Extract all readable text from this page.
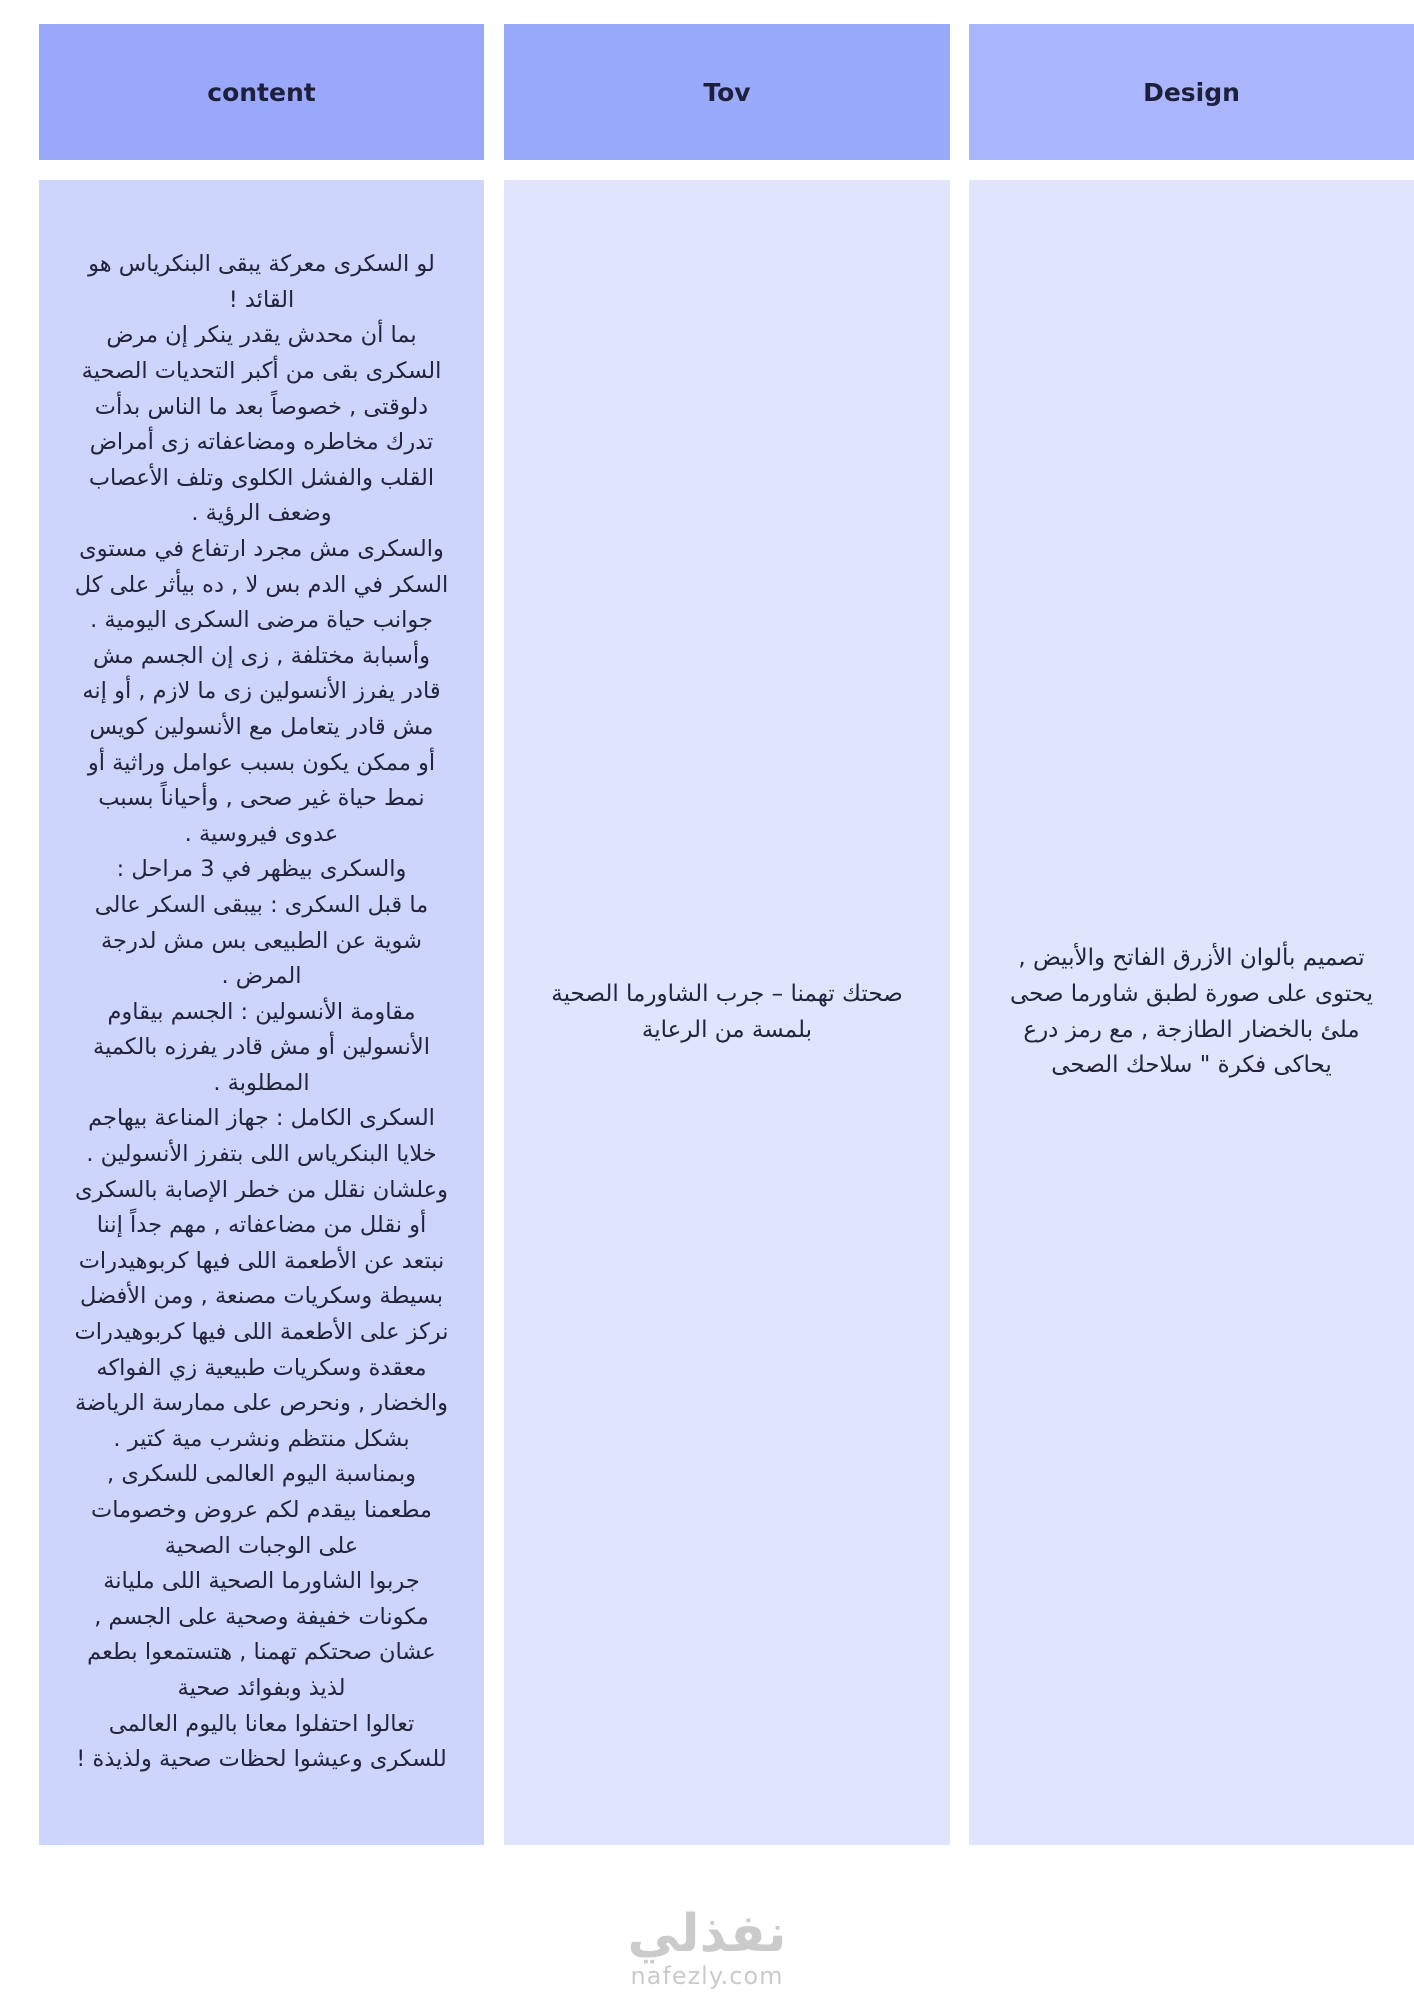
content	Tov	Design
لو السكرى معركة يبقى البنكرياس هو
القائد !
بما أن محدش يقدر ينكر إن مرض
السكرى بقى من أكبر التحديات الصحية
دلوقتى , خصوصاً بعد ما الناس بدأت
تدرك مخاطره ومضاعفاته زى أمراض
القلب والفشل الكلوى وتلف الأعصاب
وضعف الرؤية .
والسكرى مش مجرد ارتفاع في مستوى
السكر في الدم بس لا , ده بيأثر على كل
جوانب حياة مرضى السكرى اليومية .
وأسبابة مختلفة , زى إن الجسم مش
قادر يفرز الأنسولين زى ما لازم , أو إنه
مش قادر يتعامل مع الأنسولين كويس
أو ممكن يكون بسبب عوامل وراثية أو
نمط حياة غير صحى , وأحياناً بسبب
عدوى فيروسية .
والسكرى بيظهر في 3 مراحل :
ما قبل السكرى : بيبقى السكر عالى
شوية عن الطبيعى بس مش لدرجة
المرض .
مقاومة الأنسولين : الجسم بيقاوم
الأنسولين أو مش قادر يفرزه بالكمية
المطلوبة .
السكرى الكامل : جهاز المناعة بيهاجم
خلايا البنكرياس اللى بتفرز الأنسولين .
وعلشان نقلل من خطر الإصابة بالسكرى
أو نقلل من مضاعفاته , مهم جداً إننا
نبتعد عن الأطعمة اللى فيها كربوهيدرات
بسيطة وسكريات مصنعة , ومن الأفضل
نركز على الأطعمة اللى فيها كربوهيدرات
معقدة وسكريات طبيعية زي الفواكه
والخضار , ونحرص على ممارسة الرياضة
بشكل منتظم ونشرب مية كتير .
وبمناسبة اليوم العالمى للسكرى ,
مطعمنا بيقدم لكم عروض وخصومات
على الوجبات الصحية
جربوا الشاورما الصحية اللى مليانة
مكونات خفيفة وصحية على الجسم ,
عشان صحتكم تهمنا , هتستمعوا بطعم
لذيذ وبفوائد صحية
تعالوا احتفلوا معانا باليوم العالمى
للسكرى وعيشوا لحظات صحية ولذيذة !
صحتك تهمنا – جرب الشاورما الصحية
بلمسة من الرعاية
تصميم بألوان الأزرق الفاتح والأبيض ,
يحتوى على صورة لطبق شاورما صحى
ملئ بالخضار الطازجة , مع رمز درع
يحاكى فكرة " سلاحك الصحى
نفذلي
nafezly.com
